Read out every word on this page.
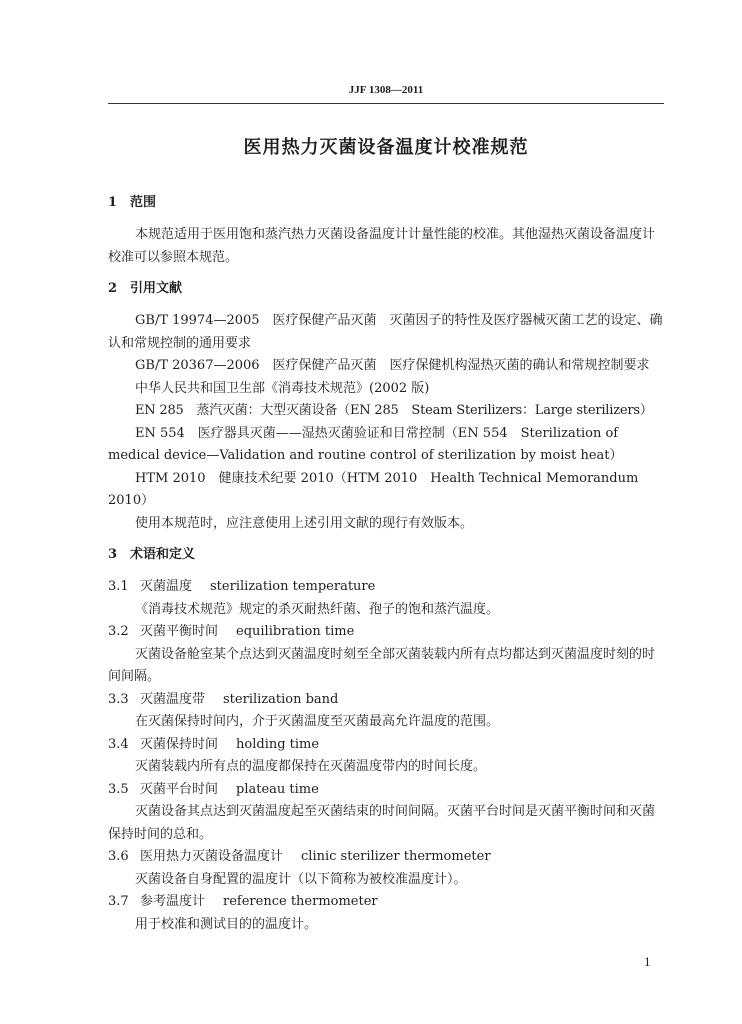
JJF 1308—2011
医用热力灭菌设备温度计校准规范
1 范围

本规范适用于医用饱和蒸汽热力灭菌设备温度计计量性能的校准。其他湿热灭菌设备温度计校准可以参照本规范。

2 引用文献

GB/T 19974—2005　医疗保健产品灭菌　灭菌因子的特性及医疗器械灭菌工艺的设定、确认和常规控制的通用要求

GB/T 20367—2006　医疗保健产品灭菌　医疗保健机构湿热灭菌的确认和常规控制要求

中华人民共和国卫生部《消毒技术规范》(2002 版)

EN 285　蒸汽灭菌：大型灭菌设备（EN 285　Steam Sterilizers：Large sterilizers）

EN 554　医疗器具灭菌——湿热灭菌验证和日常控制（EN 554　Sterilization of medical device—Validation and routine control of sterilization by moist heat）

HTM 2010　健康技术纪要 2010（HTM 2010　Health Technical Memorandum 2010）

使用本规范时，应注意使用上述引用文献的现行有效版本。

3 术语和定义
3.1 灭菌温度 sterilization temperature
《消毒技术规范》规定的杀灭耐热纤菌、孢子的饱和蒸汽温度。
3.2 灭菌平衡时间 equilibration time
灭菌设备舱室某个点达到灭菌温度时刻至全部灭菌装载内所有点均都达到灭菌温度时刻的时间间隔。
3.3 灭菌温度带 sterilization band
在灭菌保持时间内，介于灭菌温度至灭菌最高允许温度的范围。
3.4 灭菌保持时间 holding time
灭菌装载内所有点的温度都保持在灭菌温度带内的时间长度。
3.5 灭菌平台时间 plateau time
灭菌设备其点达到灭菌温度起至灭菌结束的时间间隔。灭菌平台时间是灭菌平衡时间和灭菌保持时间的总和。
3.6 医用热力灭菌设备温度计 clinic sterilizer thermometer
灭菌设备自身配置的温度计（以下简称为被校准温度计）。
3.7 参考温度计 reference thermometer
用于校准和测试目的的温度计。
1
